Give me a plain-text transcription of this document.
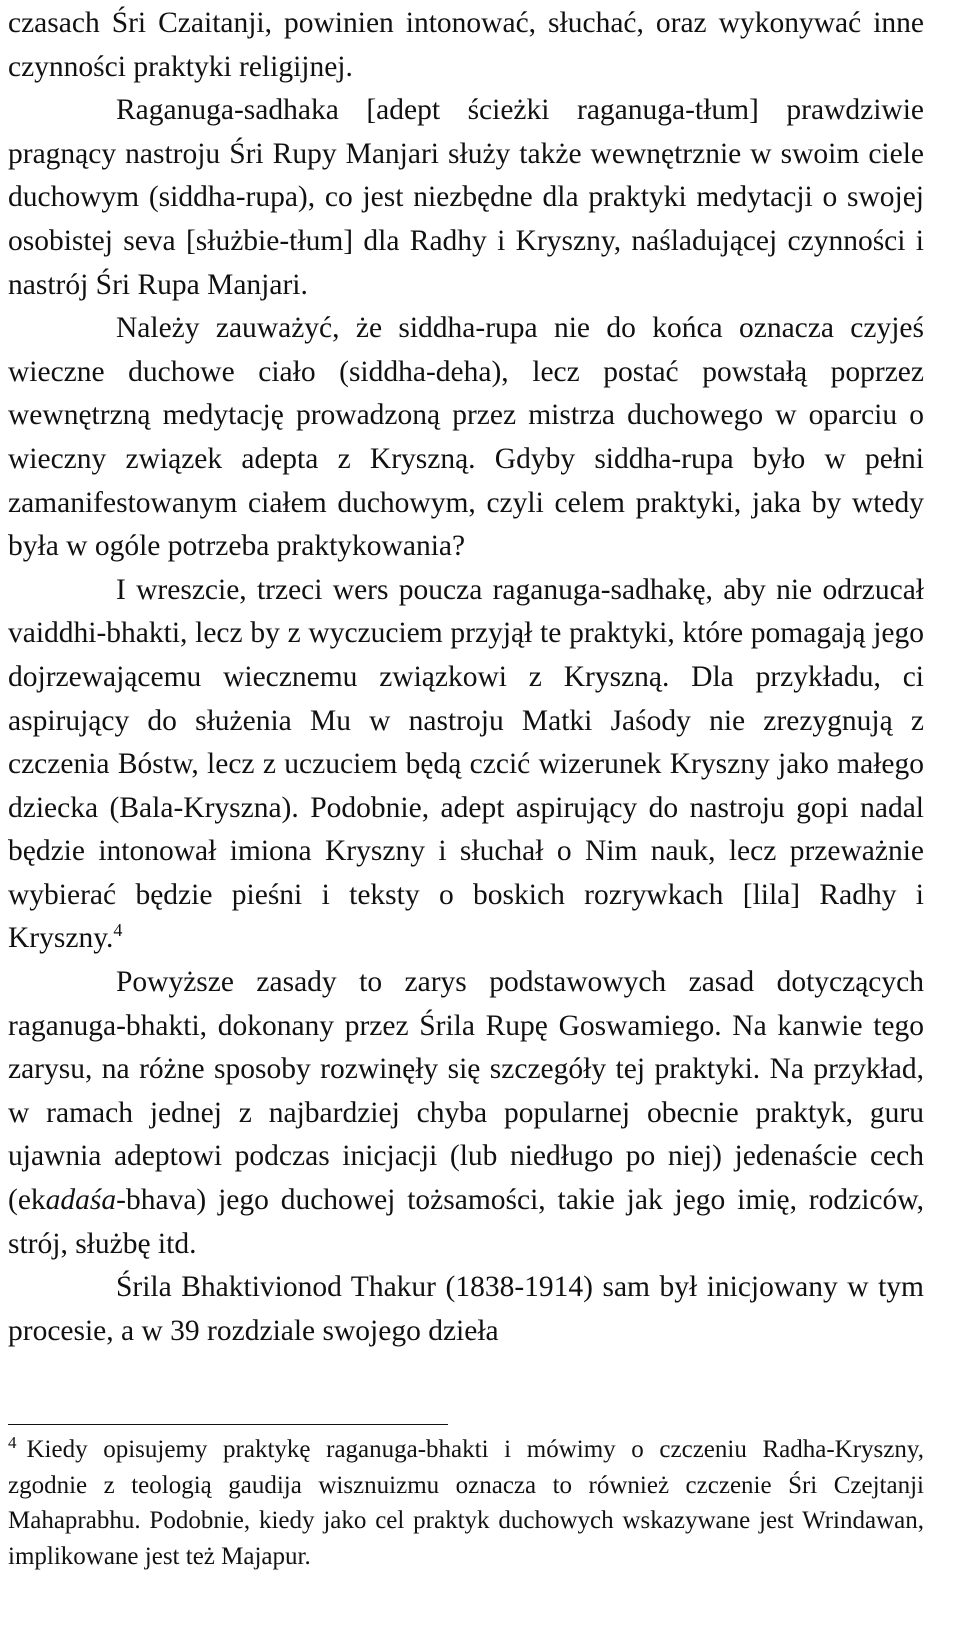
czasach Śri Czaitanji, powinien intonować, słuchać, oraz wykonywać inne czynności praktyki religijnej.

Raganuga-sadhaka [adept ścieżki raganuga-tłum] prawdziwie pragnący nastroju Śri Rupy Manjari służy także wewnętrznie w swoim ciele duchowym (siddha-rupa), co jest niezbędne dla praktyki medytacji o swojej osobistej seva [służbie-tłum] dla Radhy i Kryszny, naśladującej czynności i nastrój Śri Rupa Manjari.

Należy zauważyć, że siddha-rupa nie do końca oznacza czyjeś wieczne duchowe ciało (siddha-deha), lecz postać powstałą poprzez wewnętrzną medytację prowadzoną przez mistrza duchowego w oparciu o wieczny związek adepta z Kryszną. Gdyby siddha-rupa było w pełni zamanifestowanym ciałem duchowym, czyli celem praktyki, jaka by wtedy była w ogóle potrzeba praktykowania?

I wreszcie, trzeci wers poucza raganuga-sadhakę, aby nie odrzucał vaiddhi-bhakti, lecz by z wyczuciem przyjął te praktyki, które pomagają jego dojrzewającemu wiecznemu związkowi z Kryszną. Dla przykładu, ci aspirujący do służenia Mu w nastroju Matki Jaśody nie zrezygnują z czczenia Bóstw, lecz z uczuciem będą czcić wizerunek Kryszny jako małego dziecka (Bala-Kryszna). Podobnie, adept aspirujący do nastroju gopi nadal będzie intonował imiona Kryszny i słuchał o Nim nauk, lecz przeważnie wybierać będzie pieśni i teksty o boskich rozrywkach [lila] Radhy i Kryszny.$^4$

Powyższe zasady to zarys podstawowych zasad dotyczących raganuga-bhakti, dokonany przez Śrila Rupę Goswamiego. Na kanwie tego zarysu, na różne sposoby rozwinęły się szczegóły tej praktyki. Na przykład, w ramach jednej z najbardziej chyba popularnej obecnie praktyk, guru ujawnia adeptowi podczas inicjacji (lub niedługo po niej) jedenaście cech (ekadaśa-bhava) jego duchowej tożsamości, takie jak jego imię, rodziców, strój, służbę itd.

Śrila Bhaktivionod Thakur (1838-1914) sam był inicjowany w tym procesie, a w 39 rozdziale swojego dzieła

$^4$ Kiedy opisujemy praktykę raganuga-bhakti i mówimy o czczeniu Radha-Kryszny, zgodnie z teologią gaudija wisznuizmu oznacza to również czczenie Śri Czejtanji Mahaprabhu. Podobnie, kiedy jako cel praktyk duchowych wskazywane jest Wrindawan, implikowane jest też Majapur.
